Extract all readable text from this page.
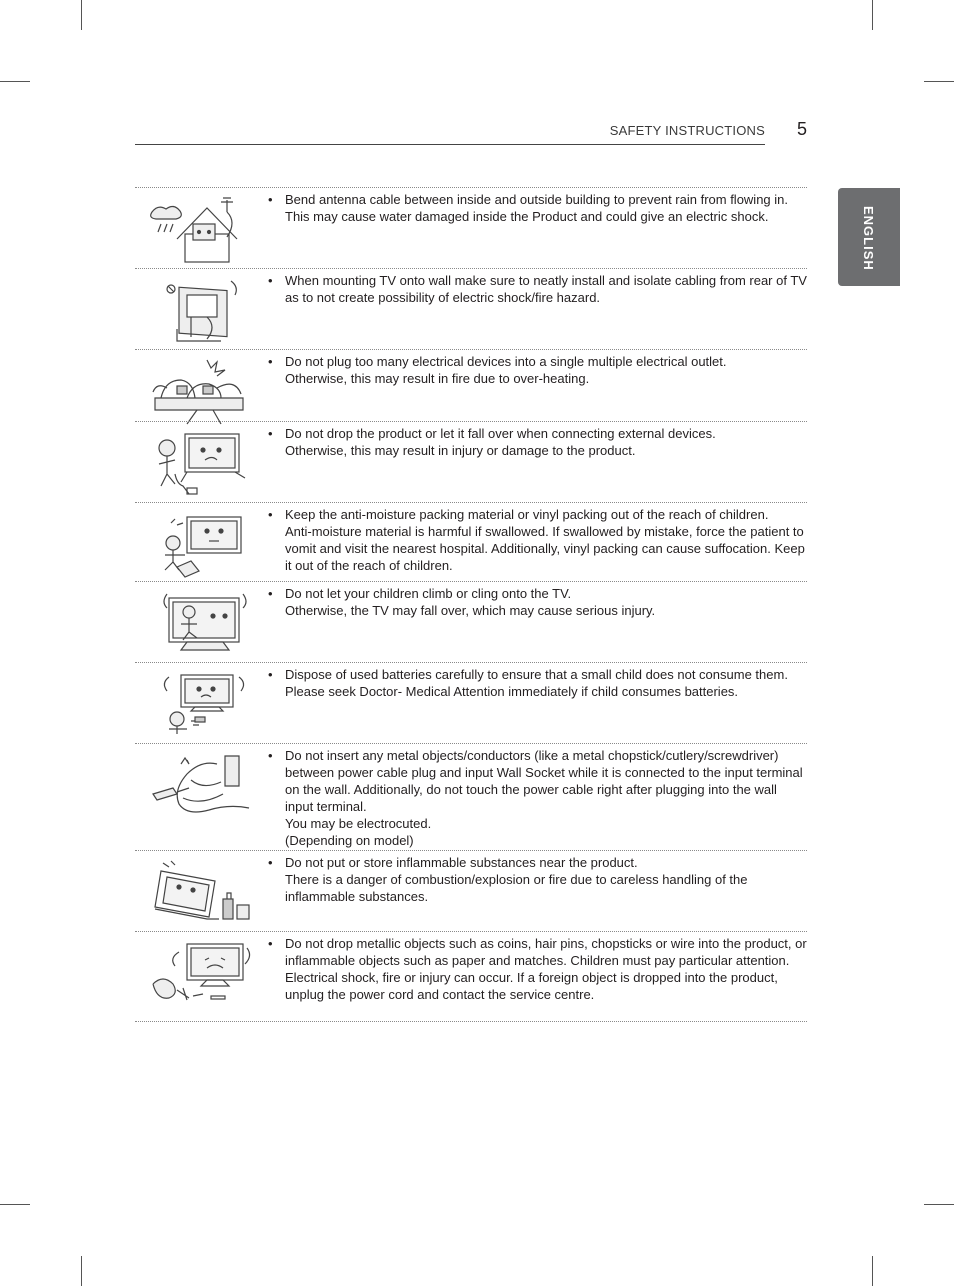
SAFETY INSTRUCTIONS 5
ENGLISH
• Bend antenna cable between inside and outside building to prevent rain from flowing in. This may cause water damaged inside the Product and could give an electric shock.
• When mounting TV onto wall make sure to neatly install and isolate cabling from rear of TV as to not create possibility of electric shock/fire hazard.
• Do not plug too many electrical devices into a single multiple electrical outlet.
Otherwise, this may result in fire due to over-heating.
• Do not drop the product or let it fall over when connecting external devices.
Otherwise, this may result in injury or damage to the product.
• Keep the anti-moisture packing material or vinyl packing out of the reach of children.
Anti-moisture material is harmful if swallowed. If swallowed by mistake, force the patient to vomit and visit the nearest hospital. Additionally, vinyl packing can cause suffocation. Keep it out of the reach of children.
• Do not let your children climb or cling onto the TV.
Otherwise, the TV may fall over, which may cause serious injury.
• Dispose of used batteries carefully to ensure that a small child does not consume them.
Please seek Doctor- Medical Attention immediately if child consumes batteries.
• Do not insert any metal objects/conductors (like a metal chopstick/cutlery/screwdriver) between power cable plug and input Wall Socket while it is connected to the input terminal on the wall. Additionally, do not touch the power cable right after plugging into the wall input terminal.
You may be electrocuted.
(Depending on model)
• Do not put or store inflammable substances near the product.
There is a danger of combustion/explosion or fire due to careless handling of the inflammable substances.
• Do not drop metallic objects such as coins, hair pins, chopsticks or wire into the product, or inflammable objects such as paper and matches. Children must pay particular attention.
Electrical shock, fire or injury can occur. If a foreign object is dropped into the product, unplug the power cord and contact the service centre.
